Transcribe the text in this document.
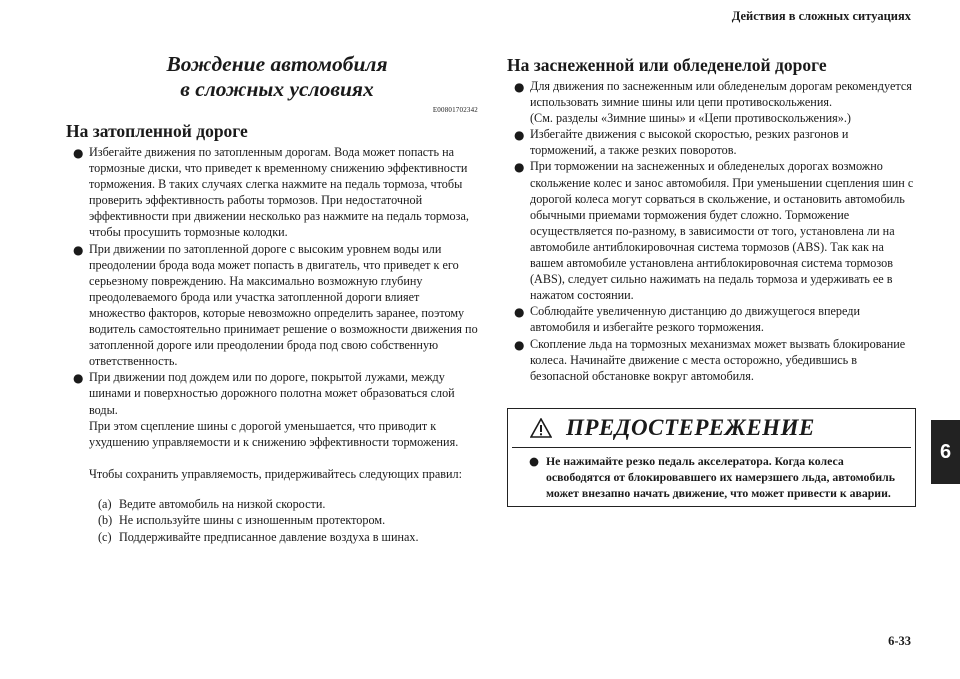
Действия в сложных ситуациях
6
6-33
Вождение автомобиля
в сложных условиях
E00801702342
На затопленной дороге
● Избегайте движения по затопленным дорогам. Вода может попасть на тормозные диски, что приведет к временному снижению эффективности торможения. В таких случаях слегка нажмите на педаль тормоза, чтобы проверить эффективность работы тормозов. При недостаточной эффективности при движении несколько раз нажмите на педаль тормоза, чтобы просушить тормозные колодки.

● При движении по затопленной дороге с высоким уровнем воды или преодолении брода вода может попасть в двигатель, что приведет к его серьезному повреждению. На максимально возможную глубину преодолеваемого брода или участка затопленной дороги влияет множество факторов, которые невозможно определить заранее, поэтому водитель самостоятельно принимает решение о возможности движения по затопленной дороге или преодолении брода под свою собственную ответственность.

● При движении под дождем или по дороге, покрытой лужами, между шинами и поверхностью дорожного полотна может образоваться слой воды.

При этом сцепление шины с дорогой уменьшается, что приводит к ухудшению управляемости и к снижению эффективности торможения.

Чтобы сохранить управляемость, придерживайтесь следующих правил:

(a) Ведите автомобиль на низкой скорости.
(b) Не используйте шины с изношенным протектором.
(c) Поддерживайте предписанное давление воздуха в шинах.
На заснеженной или обледенелой дороге
● Для движения по заснеженным или обледенелым дорогам рекомендуется использовать зимние шины или цепи противоскольжения.

(См. разделы «Зимние шины» и «Цепи противоскольжения».)

● Избегайте движения с высокой скоростью, резких разгонов и торможений, а также резких поворотов.

● При торможении на заснеженных и обледенелых дорогах возможно скольжение колес и занос автомобиля. При уменьшении сцепления шин с дорогой колеса могут сорваться в скольжение, и остановить автомобиль обычными приемами торможения будет сложно. Торможение осуществляется по-разному, в зависимости от того, установлена ли на автомобиле антиблокировочная система тормозов (ABS). Так как на вашем автомобиле установлена антиблокировочная система тормозов (ABS), следует сильно нажимать на педаль тормоза и удерживать ее в нажатом состоянии.

● Соблюдайте увеличенную дистанцию до движущегося впереди автомобиля и избегайте резкого торможения.

● Скопление льда на тормозных механизмах может вызвать блокирование колеса. Начинайте движение с места осторожно, убедившись в безопасной обстановке вокруг автомобиля.

ПРЕДОСТЕРЕЖЕНИЕ
● Не нажимайте резко педаль акселератора. Когда колеса освободятся от блокировавшего их намерзшего льда, автомобиль может внезапно начать движение, что может привести к аварии.
